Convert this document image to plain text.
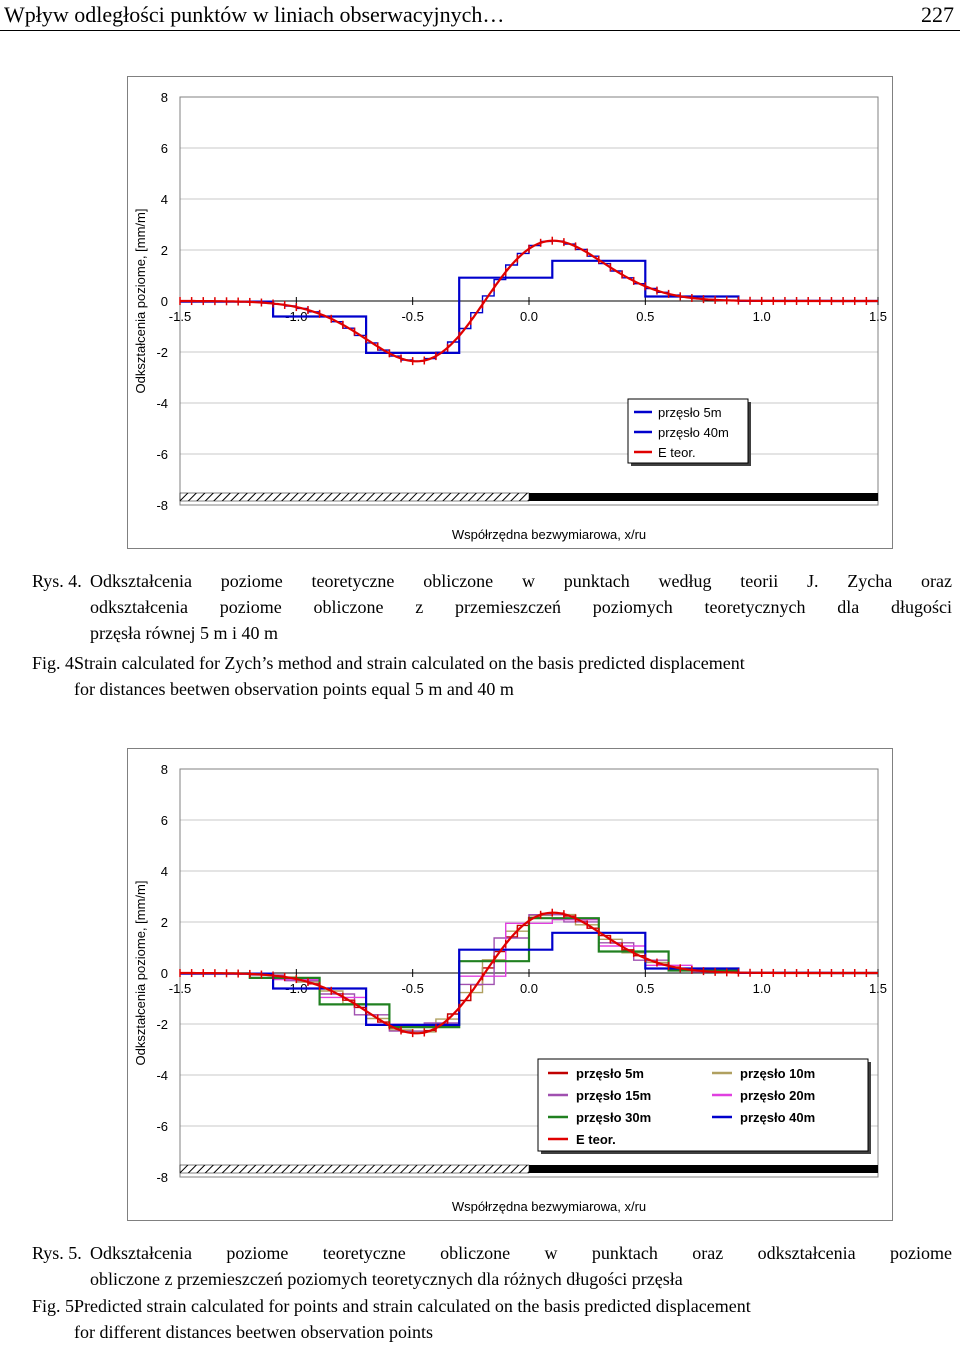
Wpływ odległości punktów w liniach obserwacyjnych…	227
8
6
4
2
0
-2
-4
-6
-8
-1.5	-1.0	-0.5	0.0	0.5	1.0	1.5
Współrzędna bezwymiarowa, x/ru
Odkształcenia poziome, [mm/m]
przęsło 5m
przęsło 40m
E teor.
Rys. 4. Odkształcenia poziome teoretyczne obliczone w punktach według teorii J. Zycha oraz
odkształcenia poziome obliczone z przemieszczeń poziomych teoretycznych dla długości
przęsła równej 5 m i 40 m
Fig. 4.
Strain calculated for Zych’s method and strain calculated on the basis predicted displacement
for distances beetwen observation points equal 5 m and 40 m
8
6
4
2
0
-2
-4
-6
-8
-1.5	-1.0	-0.5	0.0	0.5	1.0	1.5
Współrzędna bezwymiarowa, x/ru
Odkształcenia poziome, [mm/m]
przęsło 5m	przęsło 10m
przęsło 15m	przęsło 20m
przęsło 30m	przęsło 40m
E teor.
Rys. 5. Odkształcenia poziome teoretyczne obliczone w punktach oraz odkształcenia poziome
obliczone z przemieszczeń poziomych teoretycznych dla różnych długości przęsła
Fig. 5.
Predicted strain calculated for points and strain calculated on the basis predicted displacement
for different distances beetwen observation points
